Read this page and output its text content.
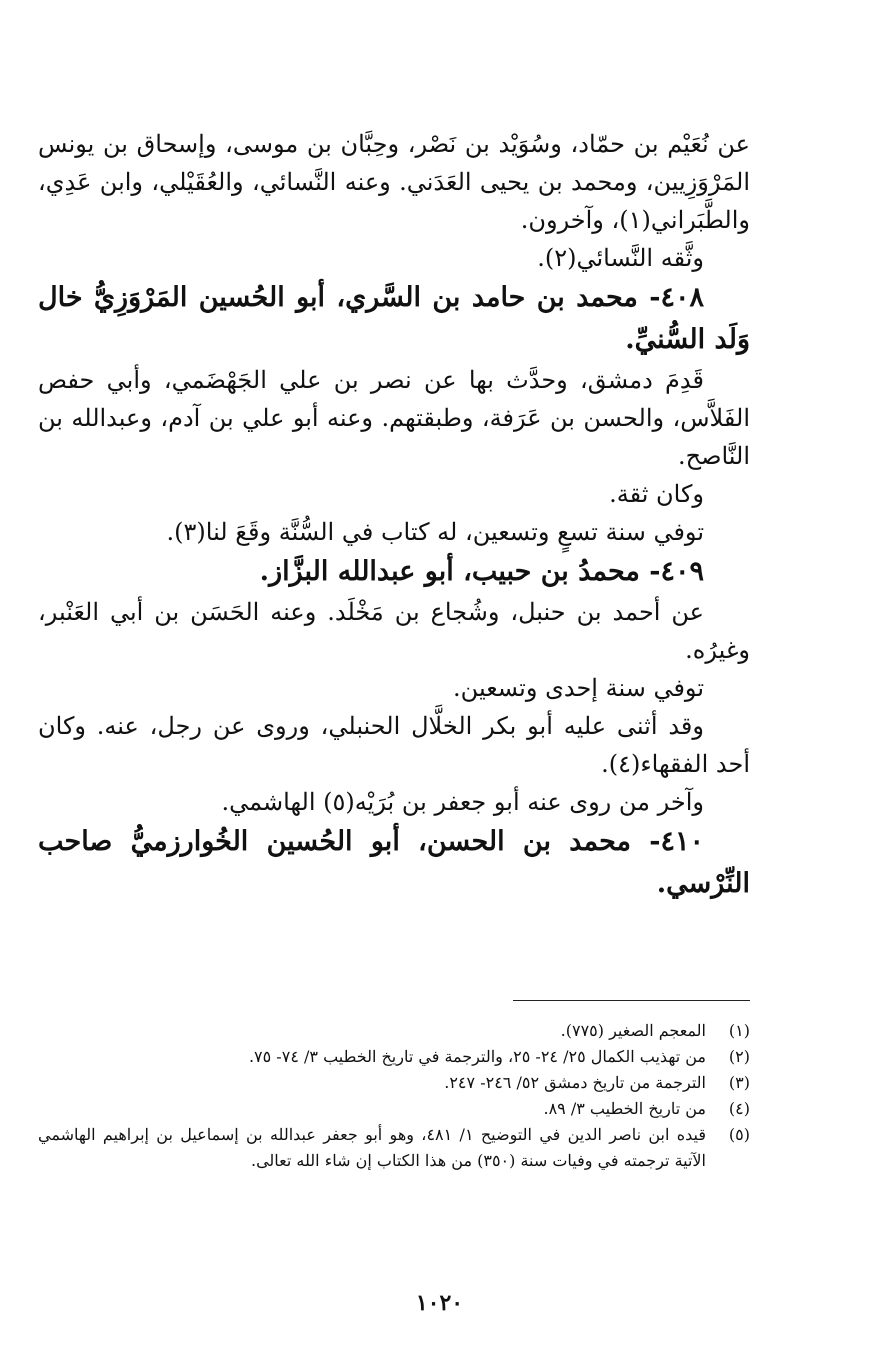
عن نُعَيْم بن حمّاد، وسُوَيْد بن نَصْر، وحِبَّان بن موسى، وإسحاق بن يونس المَرْوَزِيين، ومحمد بن يحيى العَدَني. وعنه النَّسائي، والعُقَيْلي، وابن عَدِي، والطَّبَراني(١)، وآخرون.

وثَّقه النَّسائي(٢).

٤٠٨- محمد بن حامد بن السَّري، أبو الحُسين المَرْوَزِيُّ خال وَلَد السُّنيِّ.

قَدِمَ دمشق، وحدَّث بها عن نصر بن علي الجَهْضَمي، وأبي حفص الفَلاَّس، والحسن بن عَرَفة، وطبقتهم. وعنه أبو علي بن آدم، وعبدالله بن النَّاصح.

وكان ثقة.

توفي سنة تسعٍ وتسعين، له كتاب في السُّنَّة وقَعَ لنا(٣).

٤٠٩- محمدُ بن حبيب، أبو عبدالله البزَّاز.

عن أحمد بن حنبل، وشُجاع بن مَخْلَد. وعنه الحَسَن بن أبي العَنْبر، وغيرُه.

توفي سنة إحدى وتسعين.

وقد أثنى عليه أبو بكر الخلَّال الحنبلي، وروى عن رجل، عنه. وكان أحد الفقهاء(٤).

وآخر من روى عنه أبو جعفر بن بُرَيْه(٥) الهاشمي.

٤١٠- محمد بن الحسن، أبو الحُسين الخُوارزميُّ صاحب النِّرْسي.

(١)
المعجم الصغير (٧٧٥).
(٢)
من تهذيب الكمال ٢٥/ ٢٤- ٢٥، والترجمة في تاريخ الخطيب ٣/ ٧٤- ٧٥.
(٣)
الترجمة من تاريخ دمشق ٥٢/ ٢٤٦- ٢٤٧.
(٤)
من تاريخ الخطيب ٣/ ٨٩.
(٥)
قيده ابن ناصر الدين في التوضيح ١/ ٤٨١، وهو أبو جعفر عبدالله بن إسماعيل بن إبراهيم الهاشمي الآتية ترجمته في وفيات سنة (٣٥٠) من هذا الكتاب إن شاء الله تعالى.
١٠٢٠
